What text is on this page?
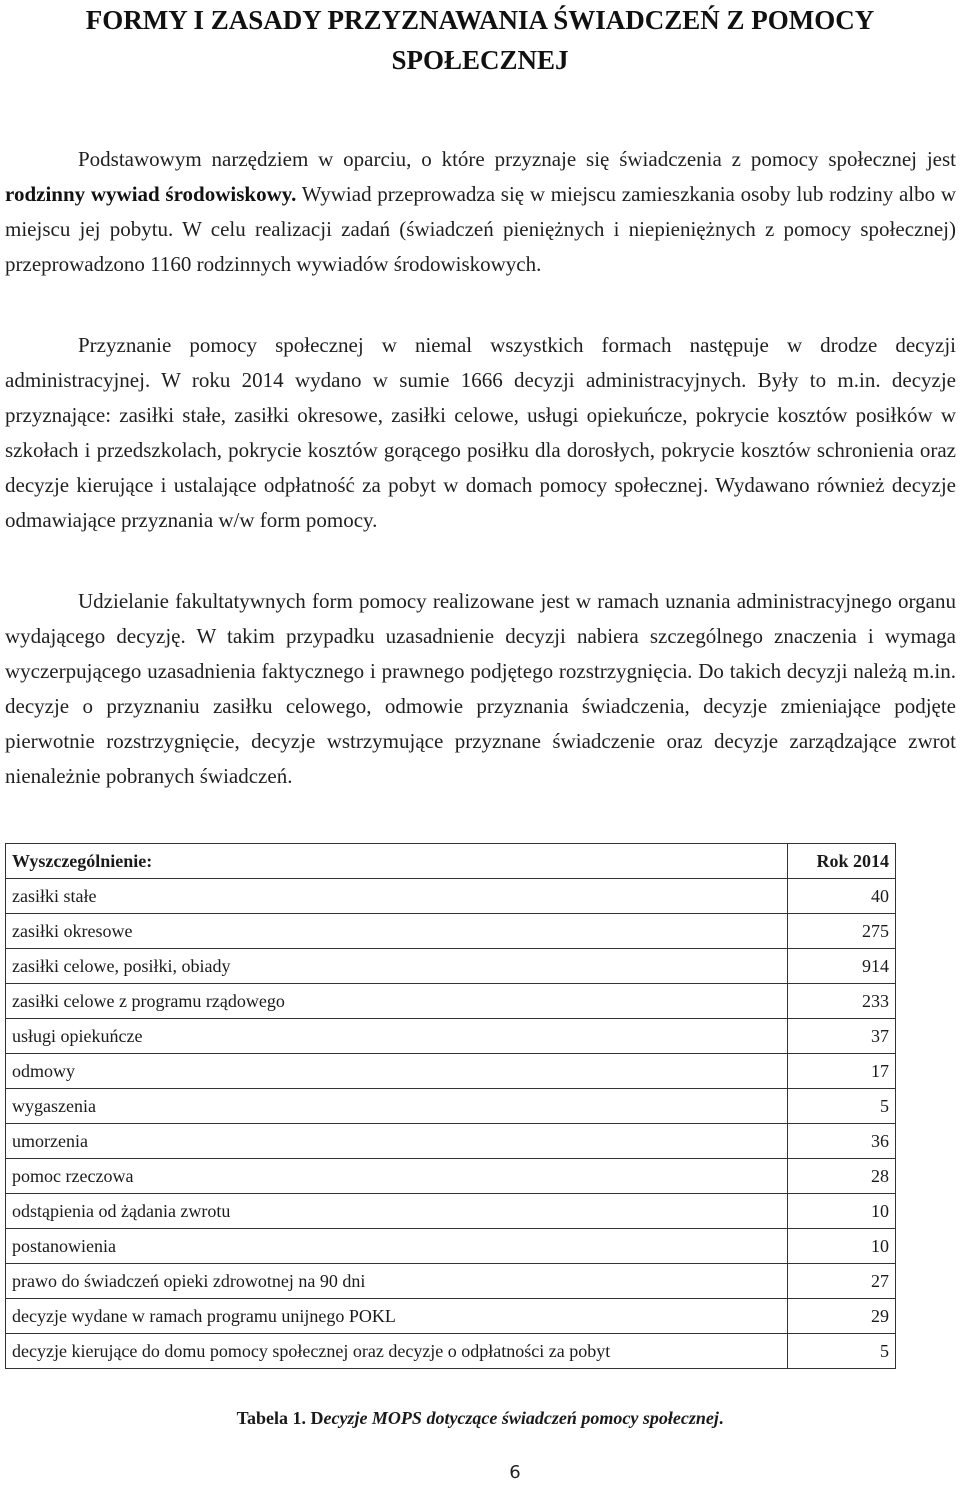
FORMY I ZASADY PRZYZNAWANIA ŚWIADCZEŃ Z POMOCY
SPOŁECZNEJ

Podstawowym narzędziem w oparciu, o które przyznaje się świadczenia z pomocy społecznej jest rodzinny wywiad środowiskowy. Wywiad przeprowadza się w miejscu zamieszkania osoby lub rodziny albo w miejscu jej pobytu. W celu realizacji zadań (świadczeń pieniężnych i niepieniężnych z pomocy społecznej) przeprowadzono 1160 rodzinnych wywiadów środowiskowych.

Przyznanie pomocy społecznej w niemal wszystkich formach następuje w drodze decyzji administracyjnej. W roku 2014 wydano w sumie 1666 decyzji administracyjnych. Były to m.in. decyzje przyznające: zasiłki stałe, zasiłki okresowe, zasiłki celowe, usługi opiekuńcze, pokrycie kosztów posiłków w szkołach i przedszkolach, pokrycie kosztów gorącego posiłku dla dorosłych, pokrycie kosztów schronienia oraz decyzje kierujące i ustalające odpłatność za pobyt w domach pomocy społecznej. Wydawano również decyzje odmawiające przyznania w/w form pomocy.

Udzielanie fakultatywnych form pomocy realizowane jest w ramach uznania administracyjnego organu wydającego decyzję. W takim przypadku uzasadnienie decyzji nabiera szczególnego znaczenia i wymaga wyczerpującego uzasadnienia faktycznego i prawnego podjętego rozstrzygnięcia. Do takich decyzji należą m.in. decyzje o przyznaniu zasiłku celowego, odmowie przyznania świadczenia, decyzje zmieniające podjęte pierwotnie rozstrzygnięcie, decyzje wstrzymujące przyznane świadczenie oraz decyzje zarządzające zwrot nienależnie pobranych świadczeń.

Wyszczególnienie:	Rok 2014
zasiłki stałe	40
zasiłki okresowe	275
zasiłki celowe, posiłki, obiady	914
zasiłki celowe z programu rządowego	233
usługi opiekuńcze	37
odmowy	17
wygaszenia	5
umorzenia	36
pomoc rzeczowa	28
odstąpienia od żądania zwrotu	10
postanowienia	10
prawo do świadczeń opieki zdrowotnej na 90 dni	27
decyzje wydane w ramach programu unijnego POKL	29
decyzje kierujące do domu pomocy społecznej oraz decyzje o odpłatności za pobyt	5
Tabela 1. Decyzje MOPS dotyczące świadczeń pomocy społecznej.
6
